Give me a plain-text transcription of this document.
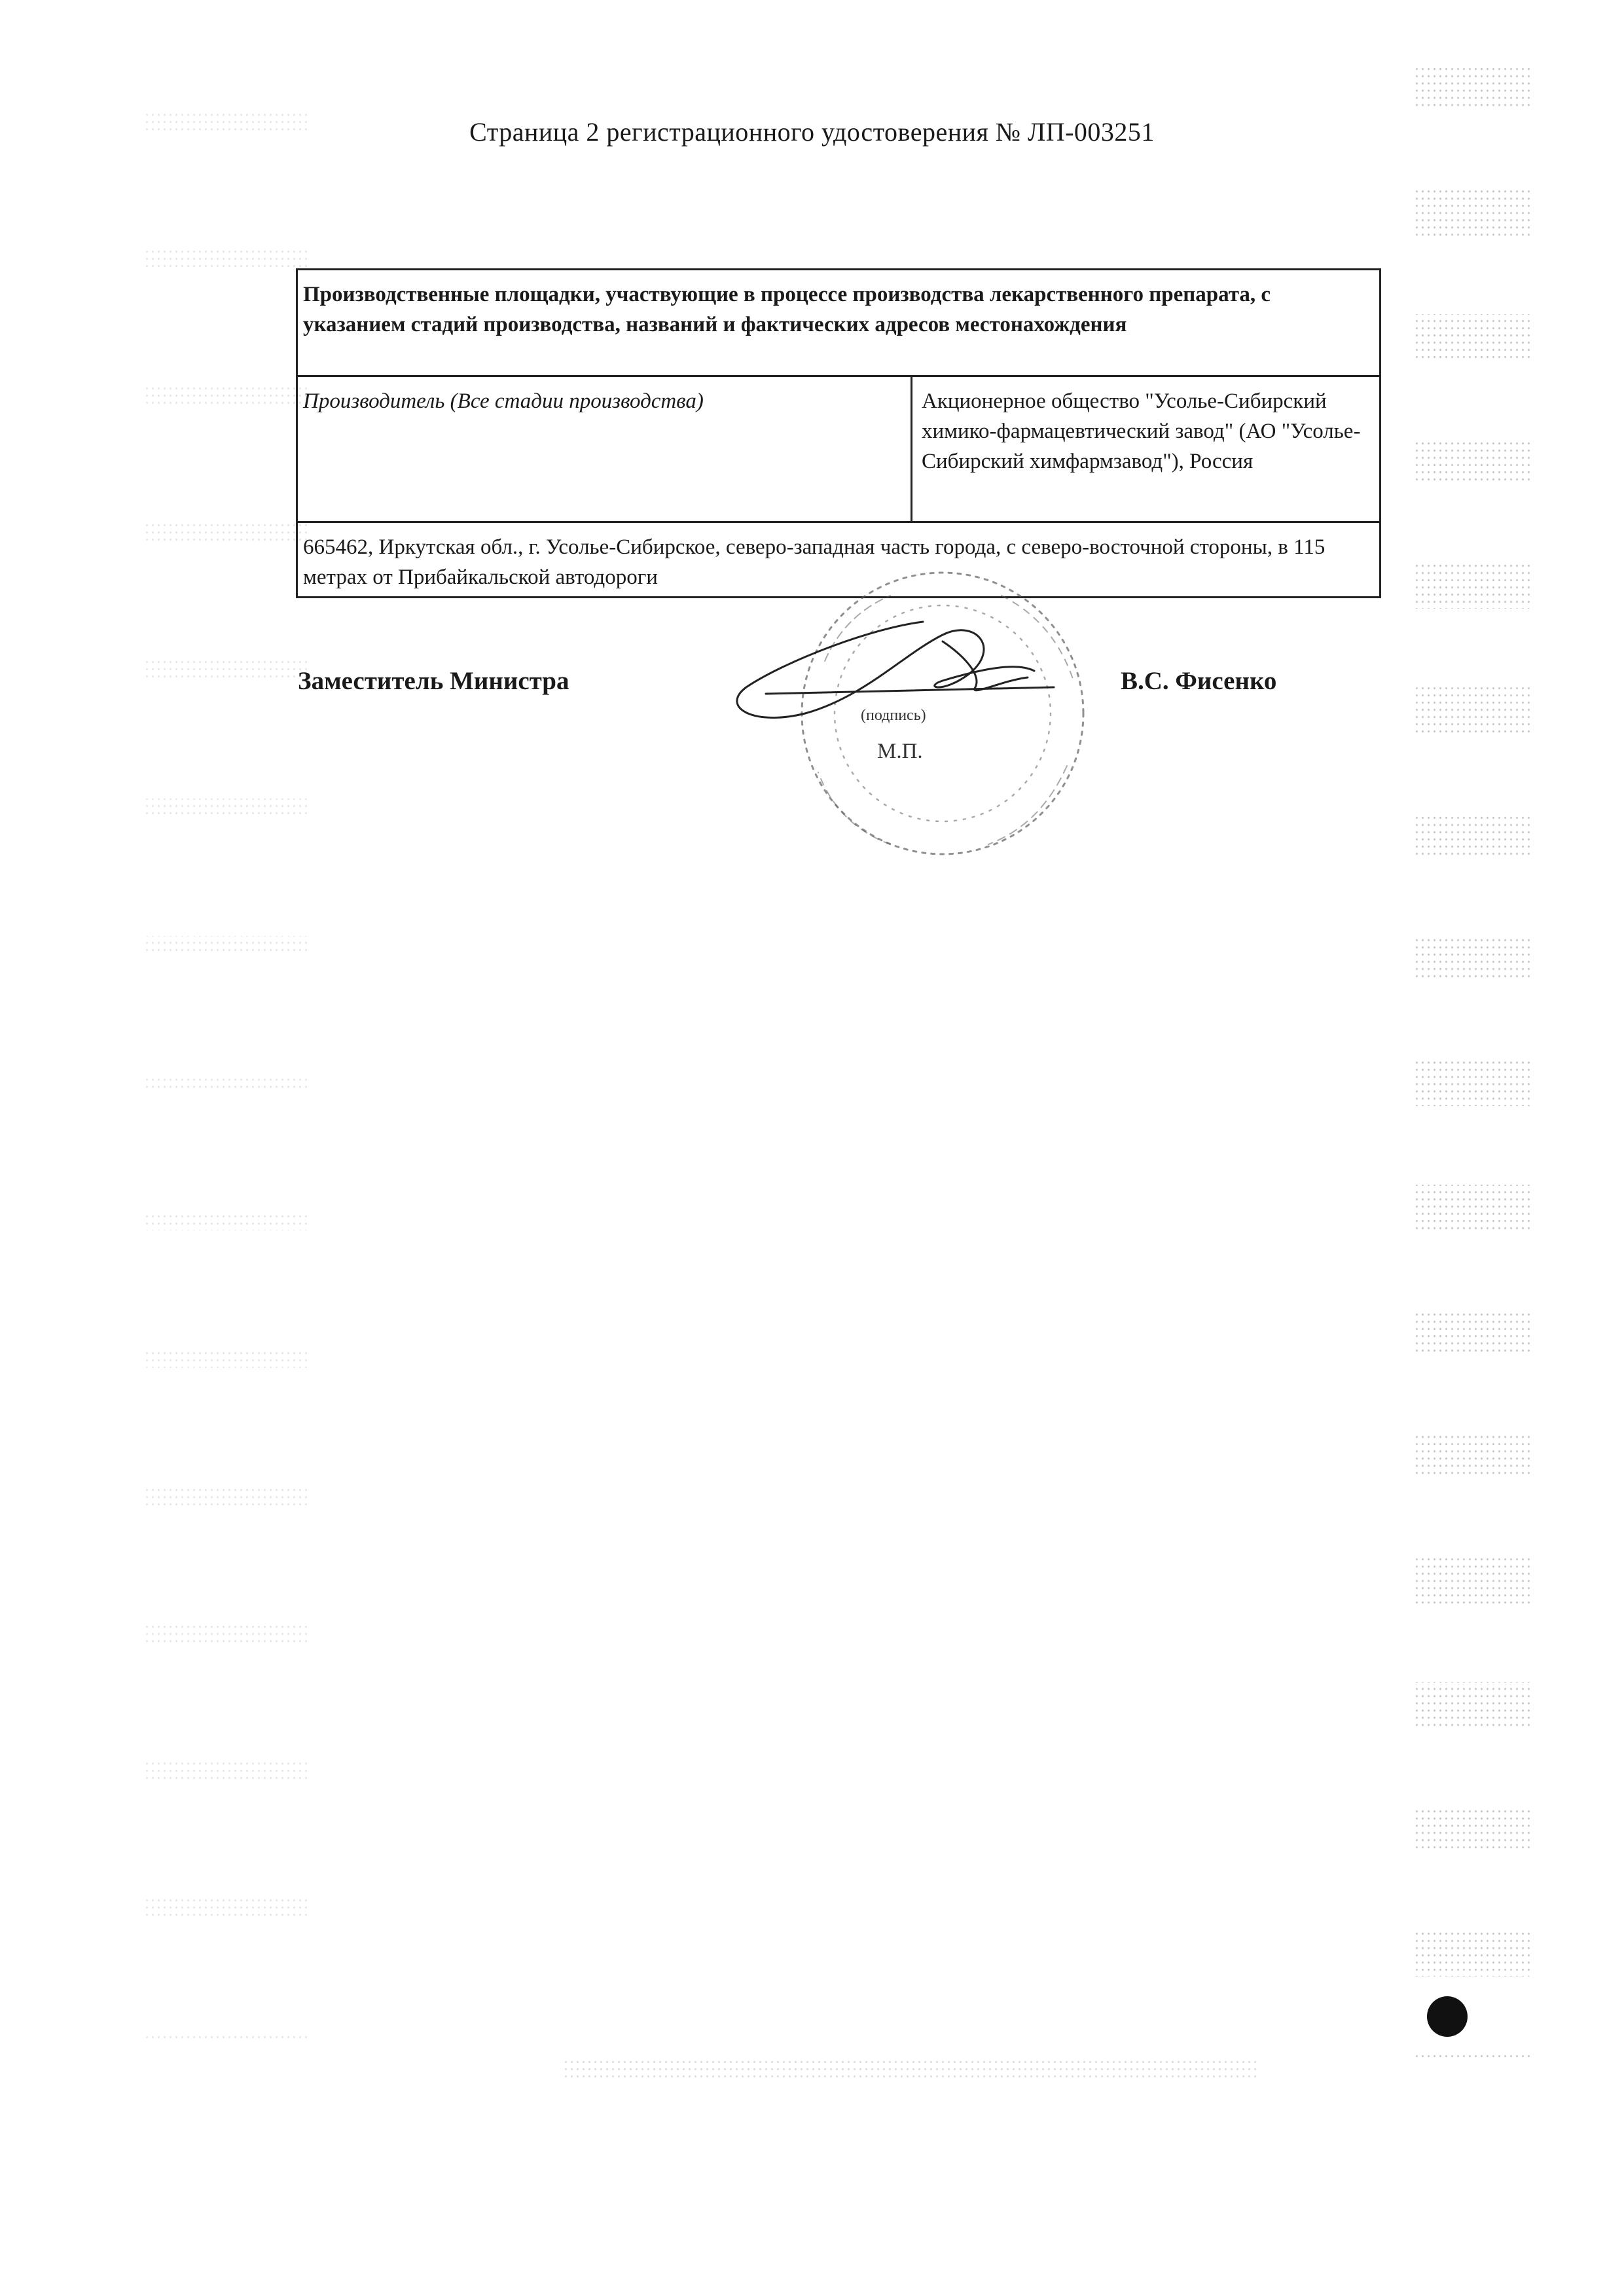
Страница 2 регистрационного удостоверения № ЛП-003251
Производственные площадки, участвующие в процессе производства лекарственного препарата, с указанием стадий производства, названий и фактических адресов местонахождения
Производитель (Все стадии производства)	Акционерное общество "Усолье-Сибирский химико-фармацевтический завод" (АО "Усолье-Сибирский химфармзавод"), Россия
665462, Иркутская обл., г. Усолье-Сибирское, северо-западная часть города, с северо-восточной стороны, в 115 метрах от Прибайкальской автодороги
Заместитель Министра
(подпись)
М.П.
В.С. Фисенко
